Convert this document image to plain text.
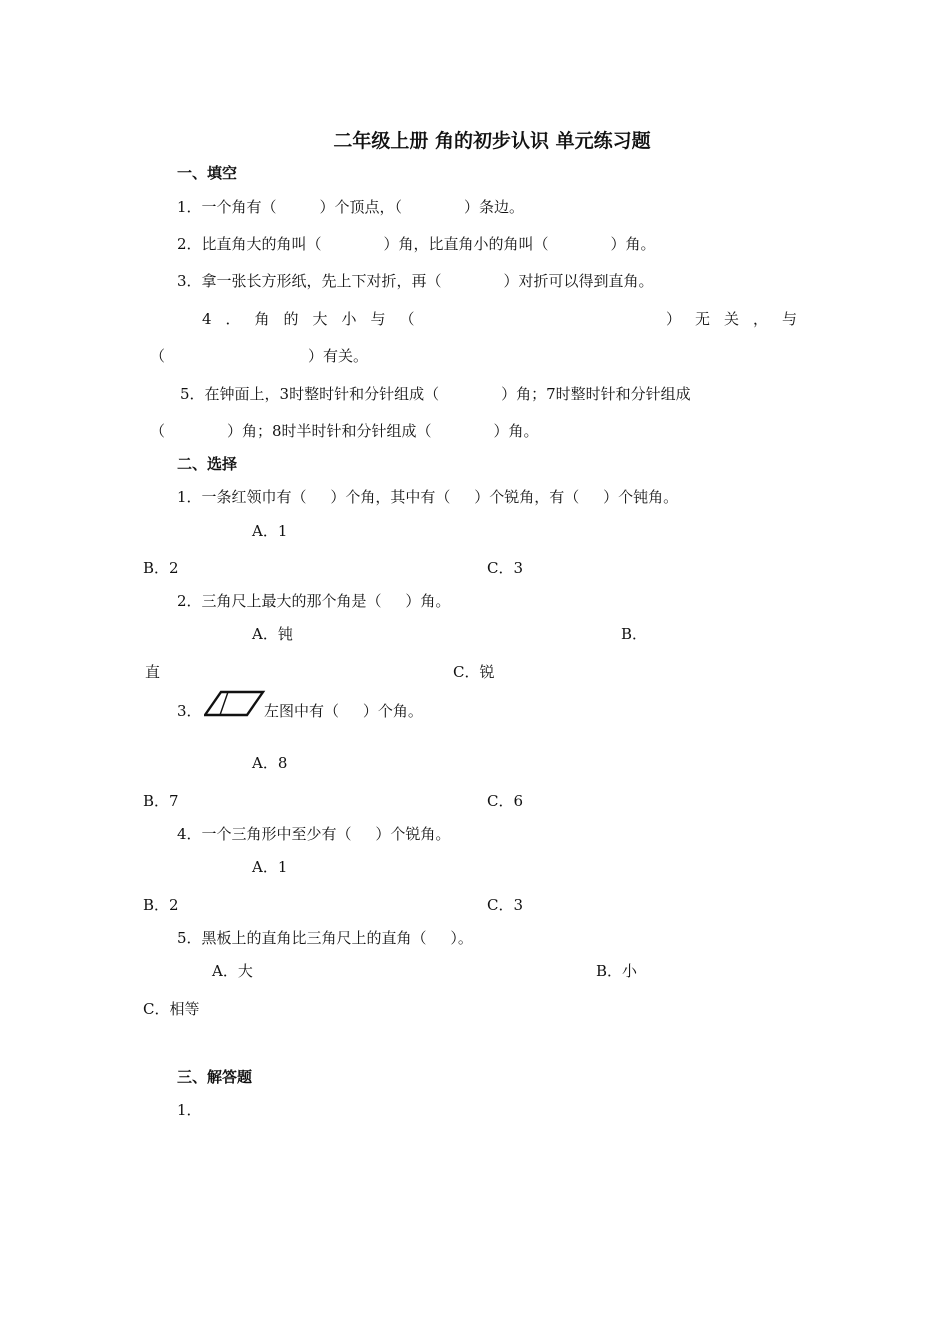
二年级上册 角的初步认识 单元练习题
一、填空
1．一个角有（         ）个顶点，（             ）条边。
2．比直角大的角叫（             ）角，比直角小的角叫（             ）角。
3．拿一张长方形纸，先上下对折，再（             ）对折可以得到直角。
4．角的大小与（	）无关，与
（                              ）有关。
5．在钟面上，3时整时针和分针组成（             ）角；7时整时针和分针组成
（             ）角；8时半时针和分针组成（             ）角。
二、选择
1．一条红领巾有（     ）个角，其中有（     ）个锐角，有（     ）个钝角。
A．1
B．2	C．3
2．三角尺上最大的那个角是（     ）角。
A．钝	B．
直	C．锐
3．	左图中有（     ）个角。
A．8
B．7	C．6
4．一个三角形中至少有（     ）个锐角。
A．1
B．2	C．3
5．黑板上的直角比三角尺上的直角（     ）。
A．大	B．小
C．相等
三、解答题
1．
